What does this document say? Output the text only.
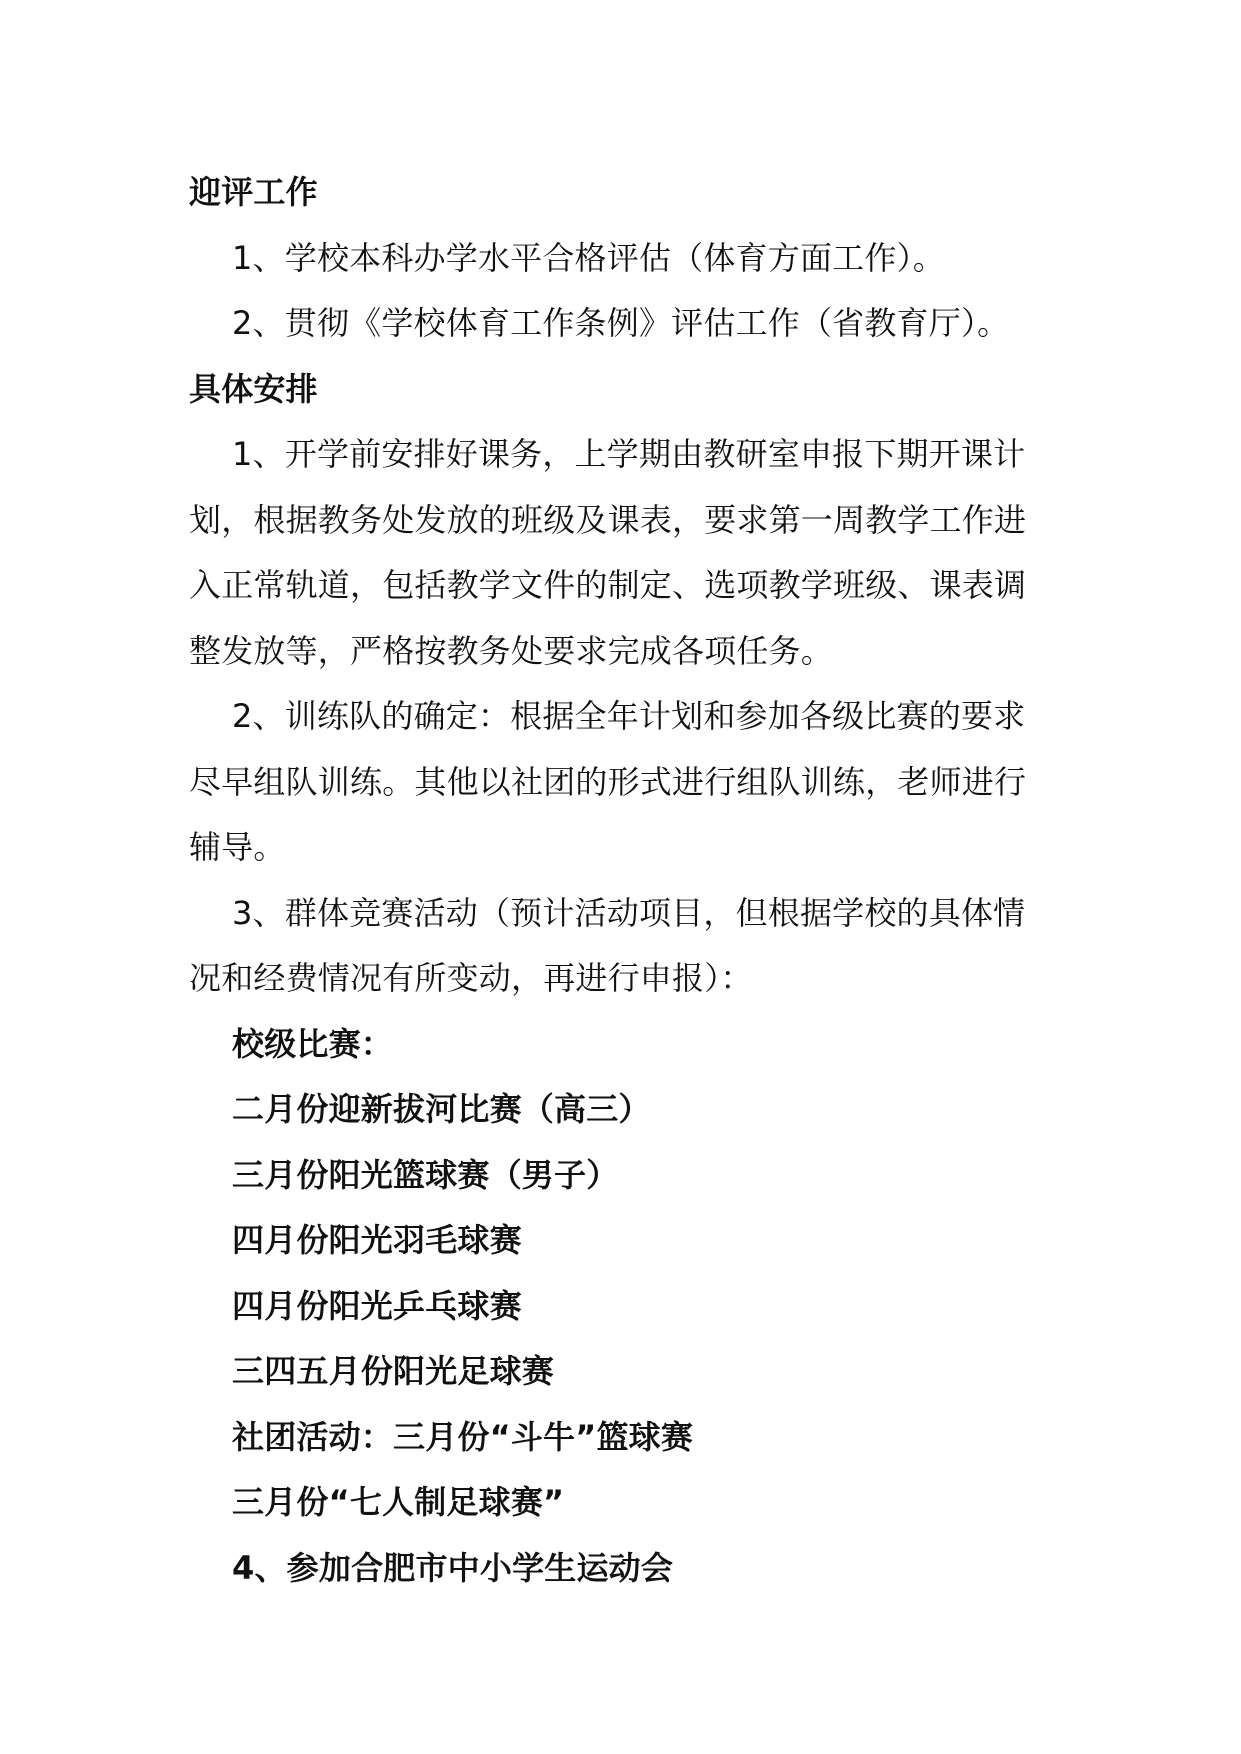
迎评工作
1、学校本科办学水平合格评估（体育方面工作）。
2、贯彻《学校体育工作条例》评估工作（省教育厅）。
具体安排
1、开学前安排好课务，上学期由教研室申报下期开课计
划，根据教务处发放的班级及课表，要求第一周教学工作进
入正常轨道，包括教学文件的制定、选项教学班级、课表调
整发放等，严格按教务处要求完成各项任务。
2、训练队的确定：根据全年计划和参加各级比赛的要求
尽早组队训练。其他以社团的形式进行组队训练，老师进行
辅导。
3、群体竞赛活动（预计活动项目，但根据学校的具体情
况和经费情况有所变动，再进行申报）：
校级比赛：
二月份迎新拔河比赛（高三）
三月份阳光篮球赛（男子）
四月份阳光羽毛球赛
四月份阳光乒乓球赛
三四五月份阳光足球赛
社团活动：三月份“斗牛”篮球赛
三月份“七人制足球赛”
4、参加合肥市中小学生运动会
